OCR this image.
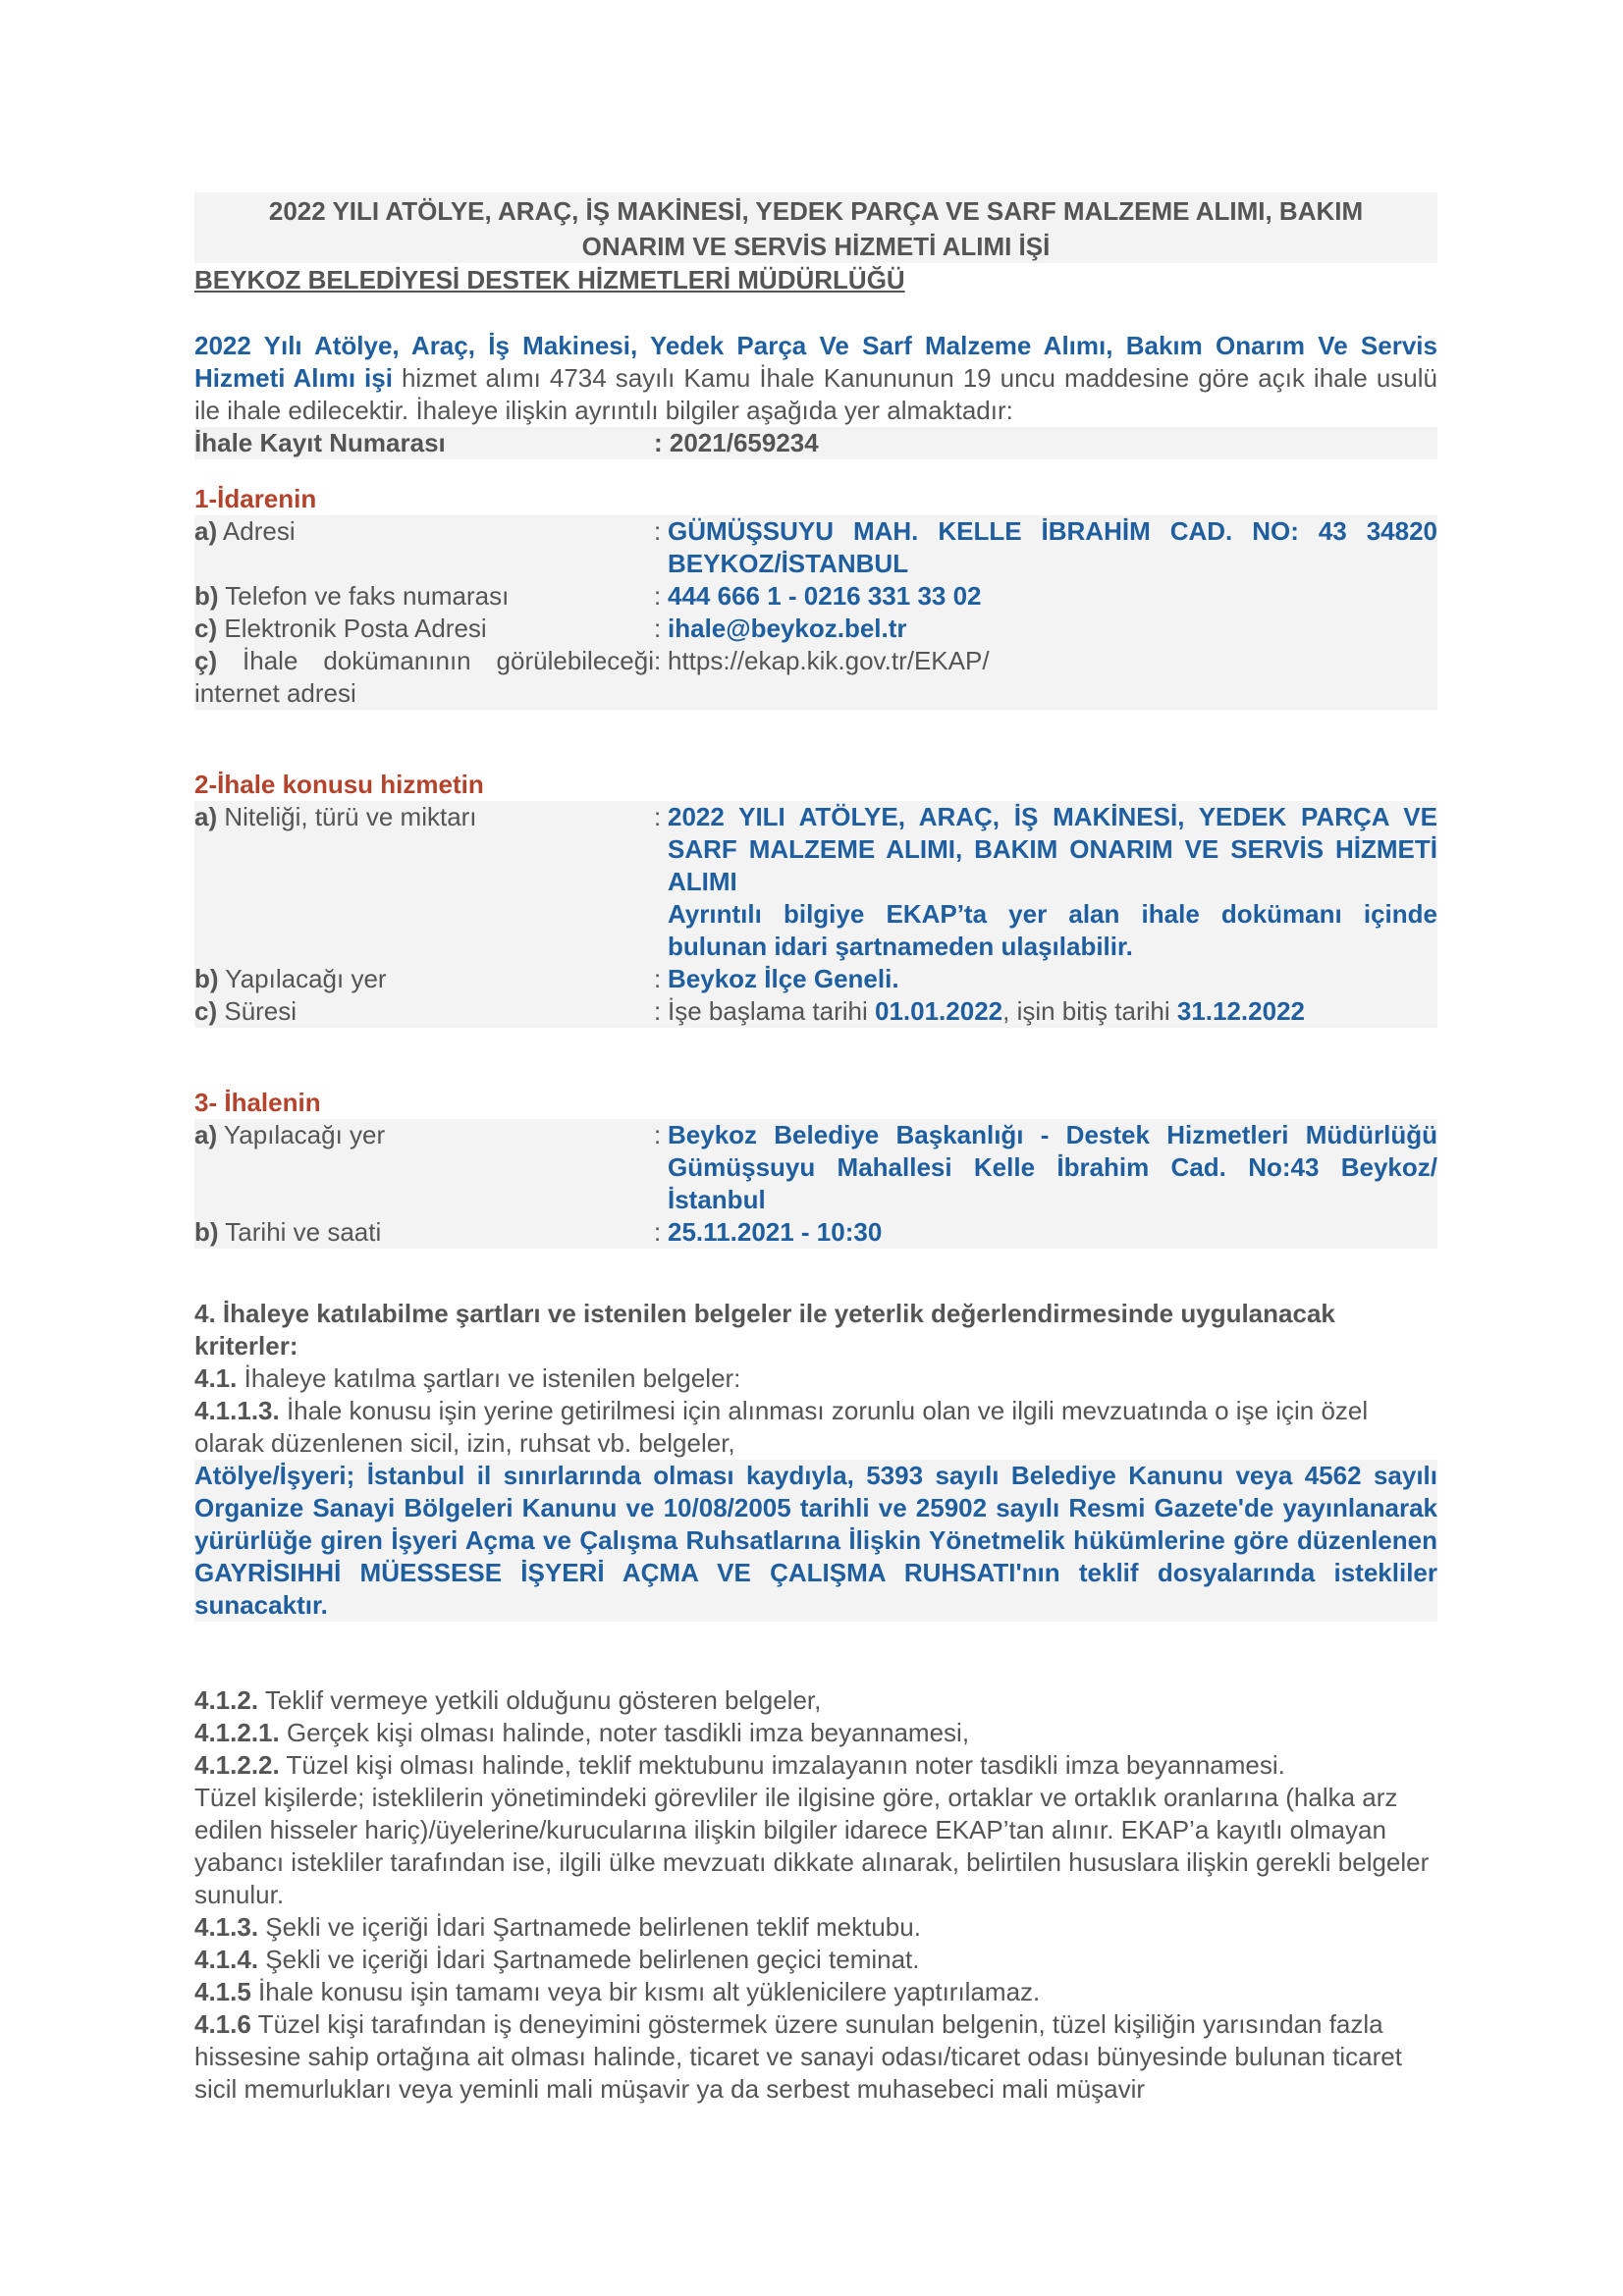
2022 YILI ATÖLYE, ARAÇ, İŞ MAKİNESİ, YEDEK PARÇA VE SARF MALZEME ALIMI, BAKIM
ONARIM VE SERVİS HİZMETİ ALIMI İŞİ
BEYKOZ BELEDİYESİ DESTEK HİZMETLERİ MÜDÜRLÜĞÜ

2022 Yılı Atölye, Araç, İş Makinesi, Yedek Parça Ve Sarf Malzeme Alımı, Bakım Onarım Ve Servis Hizmeti Alımı işi hizmet alımı 4734 sayılı Kamu İhale Kanununun 19 uncu maddesine göre açık ihale usulü ile ihale edilecektir. İhaleye ilişkin ayrıntılı bilgiler aşağıda yer almaktadır:

İhale Kayıt Numarası	: 2021/659234
1-İdarenin
a) Adresi	: GÜMÜŞSUYU MAH. KELLE İBRAHİM CAD. NO: 43 34820 BEYKOZ/İSTANBUL
b) Telefon ve faks numarası	: 444 666 1 - 0216 331 33 02
c) Elektronik Posta Adresi	: ihale@beykoz.bel.tr
ç) İhale dokümanının görülebileceği internet adresi
: https://ekap.kik.gov.tr/EKAP/
2-İhale konusu hizmetin
a) Niteliği, türü ve miktarı	: 2022 YILI ATÖLYE, ARAÇ, İŞ MAKİNESİ, YEDEK PARÇA VE SARF MALZEME ALIMI, BAKIM ONARIM VE SERVİS HİZMETİ ALIMI
Ayrıntılı bilgiye EKAP’ta yer alan ihale dokümanı içinde bulunan idari şartnameden ulaşılabilir.
b) Yapılacağı yer	: Beykoz İlçe Geneli.
c) Süresi	: İşe başlama tarihi 01.01.2022, işin bitiş tarihi 31.12.2022
3- İhalenin
a) Yapılacağı yer	: Beykoz Belediye Başkanlığı - Destek Hizmetleri Müdürlüğü Gümüşsuyu Mahallesi Kelle İbrahim Cad. No:43 Beykoz/İstanbul
b) Tarihi ve saati	: 25.11.2021 - 10:30

4. İhaleye katılabilme şartları ve istenilen belgeler ile yeterlik değerlendirmesinde uygulanacak kriterler:

4.1. İhaleye katılma şartları ve istenilen belgeler:

4.1.1.3. İhale konusu işin yerine getirilmesi için alınması zorunlu olan ve ilgili mevzuatında o işe için özel olarak düzenlenen sicil, izin, ruhsat vb. belgeler,

Atölye/İşyeri; İstanbul il sınırlarında olması kaydıyla, 5393 sayılı Belediye Kanunu veya 4562 sayılı Organize Sanayi Bölgeleri Kanunu ve 10/08/2005 tarihli ve 25902 sayılı Resmi Gazete'de yayınlanarak yürürlüğe giren İşyeri Açma ve Çalışma Ruhsatlarına İlişkin Yönetmelik hükümlerine göre düzenlenen GAYRİSIHHİ MÜESSESE İŞYERİ AÇMA VE ÇALIŞMA RUHSATI'nın teklif dosyalarında istekliler sunacaktır.

4.1.2. Teklif vermeye yetkili olduğunu gösteren belgeler,

4.1.2.1. Gerçek kişi olması halinde, noter tasdikli imza beyannamesi,

4.1.2.2. Tüzel kişi olması halinde, teklif mektubunu imzalayanın noter tasdikli imza beyannamesi.

Tüzel kişilerde; isteklilerin yönetimindeki görevliler ile ilgisine göre, ortaklar ve ortaklık oranlarına (halka arz edilen hisseler hariç)/üyelerine/kurucularına ilişkin bilgiler idarece EKAP’tan alınır. EKAP’a kayıtlı olmayan yabancı istekliler tarafından ise, ilgili ülke mevzuatı dikkate alınarak, belirtilen hususlara ilişkin gerekli belgeler sunulur.

4.1.3. Şekli ve içeriği İdari Şartnamede belirlenen teklif mektubu.

4.1.4. Şekli ve içeriği İdari Şartnamede belirlenen geçici teminat.

4.1.5 İhale konusu işin tamamı veya bir kısmı alt yüklenicilere yaptırılamaz.

4.1.6 Tüzel kişi tarafından iş deneyimini göstermek üzere sunulan belgenin, tüzel kişiliğin yarısından fazla hissesine sahip ortağına ait olması halinde, ticaret ve sanayi odası/ticaret odası bünyesinde bulunan ticaret sicil memurlukları veya yeminli mali müşavir ya da serbest muhasebeci mali müşavir
